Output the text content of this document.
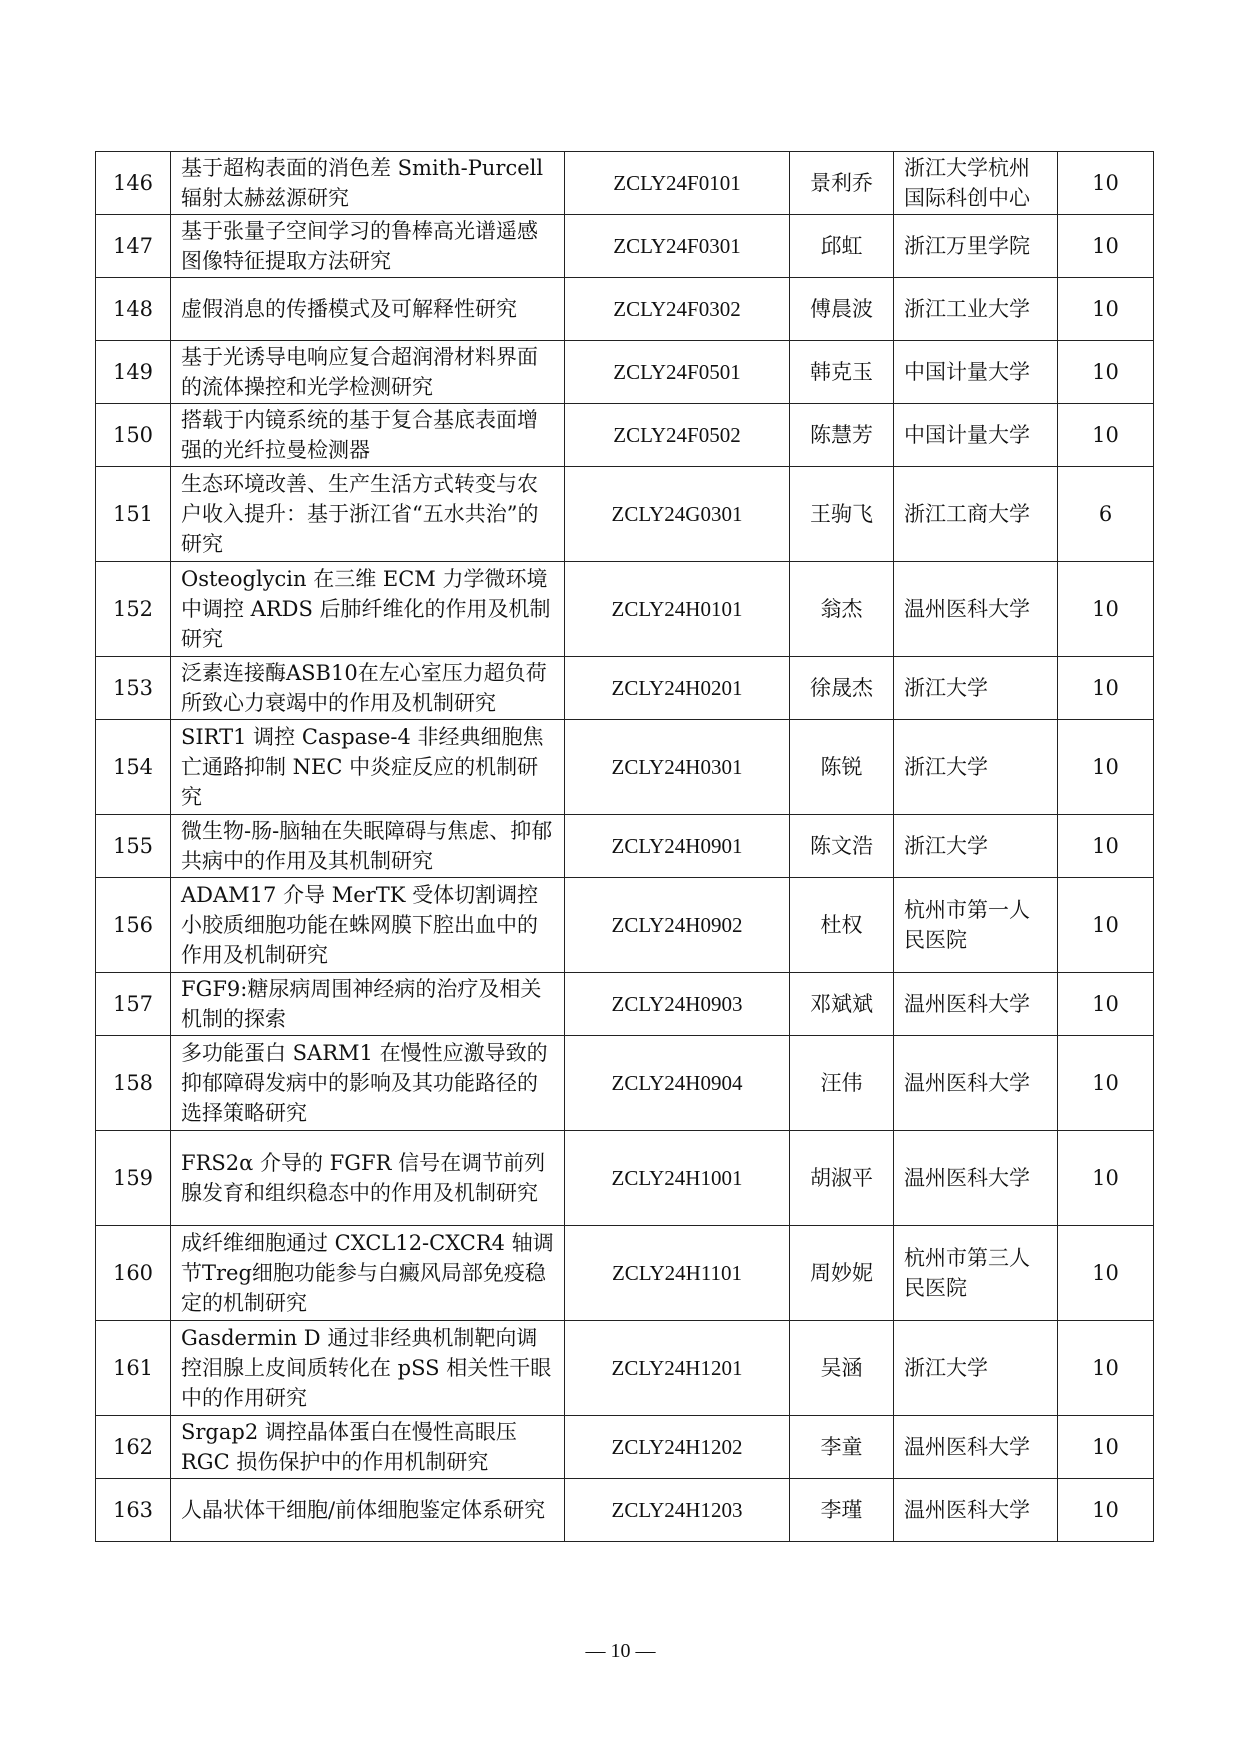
146	基于超构表面的消色差 Smith-Purcell 辐射太赫兹源研究	ZCLY24F0101	景利乔	浙江大学杭州国际科创中心	10
147	基于张量子空间学习的鲁棒高光谱遥感图像特征提取方法研究	ZCLY24F0301	邱虹	浙江万里学院	10
148	虚假消息的传播模式及可解释性研究	ZCLY24F0302	傅晨波	浙江工业大学	10
149	基于光诱导电响应复合超润滑材料界面的流体操控和光学检测研究	ZCLY24F0501	韩克玉	中国计量大学	10
150	搭载于内镜系统的基于复合基底表面增强的光纤拉曼检测器	ZCLY24F0502	陈慧芳	中国计量大学	10
151	生态环境改善、生产生活方式转变与农户收入提升：基于浙江省“五水共治”的研究	ZCLY24G0301	王驹飞	浙江工商大学	6
152	Osteoglycin 在三维 ECM 力学微环境中调控 ARDS 后肺纤维化的作用及机制研究	ZCLY24H0101	翁杰	温州医科大学	10
153	泛素连接酶ASB10在左心室压力超负荷所致心力衰竭中的作用及机制研究	ZCLY24H0201	徐晟杰	浙江大学	10
154	SIRT1 调控 Caspase-4 非经典细胞焦亡通路抑制 NEC 中炎症反应的机制研究	ZCLY24H0301	陈锐	浙江大学	10
155	微生物-肠-脑轴在失眠障碍与焦虑、抑郁共病中的作用及其机制研究	ZCLY24H0901	陈文浩	浙江大学	10
156	ADAM17 介导 MerTK 受体切割调控小胶质细胞功能在蛛网膜下腔出血中的作用及机制研究	ZCLY24H0902	杜权	杭州市第一人民医院	10
157	FGF9:糖尿病周围神经病的治疗及相关机制的探索	ZCLY24H0903	邓斌斌	温州医科大学	10
158	多功能蛋白 SARM1 在慢性应激导致的抑郁障碍发病中的影响及其功能路径的选择策略研究	ZCLY24H0904	汪伟	温州医科大学	10
159	FRS2α 介导的 FGFR 信号在调节前列腺发育和组织稳态中的作用及机制研究	ZCLY24H1001	胡淑平	温州医科大学	10
160	成纤维细胞通过 CXCL12-CXCR4 轴调节Treg细胞功能参与白癜风局部免疫稳定的机制研究	ZCLY24H1101	周妙妮	杭州市第三人民医院	10
161	Gasdermin D 通过非经典机制靶向调控泪腺上皮间质转化在 pSS 相关性干眼中的作用研究	ZCLY24H1201	吴涵	浙江大学	10
162	Srgap2 调控晶体蛋白在慢性高眼压 RGC 损伤保护中的作用机制研究	ZCLY24H1202	李童	温州医科大学	10
163	人晶状体干细胞/前体细胞鉴定体系研究	ZCLY24H1203	李瑾	温州医科大学	10
— 10 —
